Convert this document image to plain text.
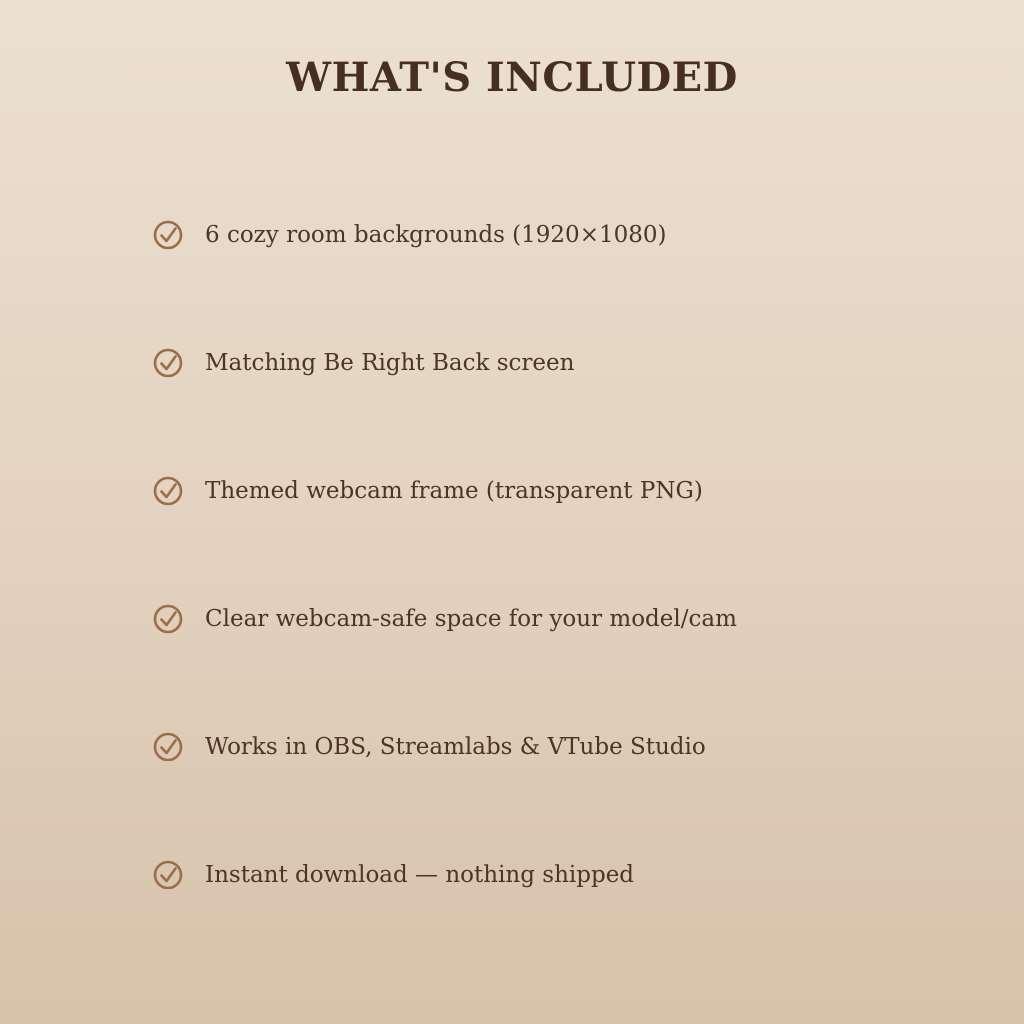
WHAT'S INCLUDED
6 cozy room backgrounds (1920×1080)
Matching Be Right Back screen
Themed webcam frame (transparent PNG)
Clear webcam-safe space for your model/cam
Works in OBS, Streamlabs & VTube Studio
Instant download — nothing shipped
